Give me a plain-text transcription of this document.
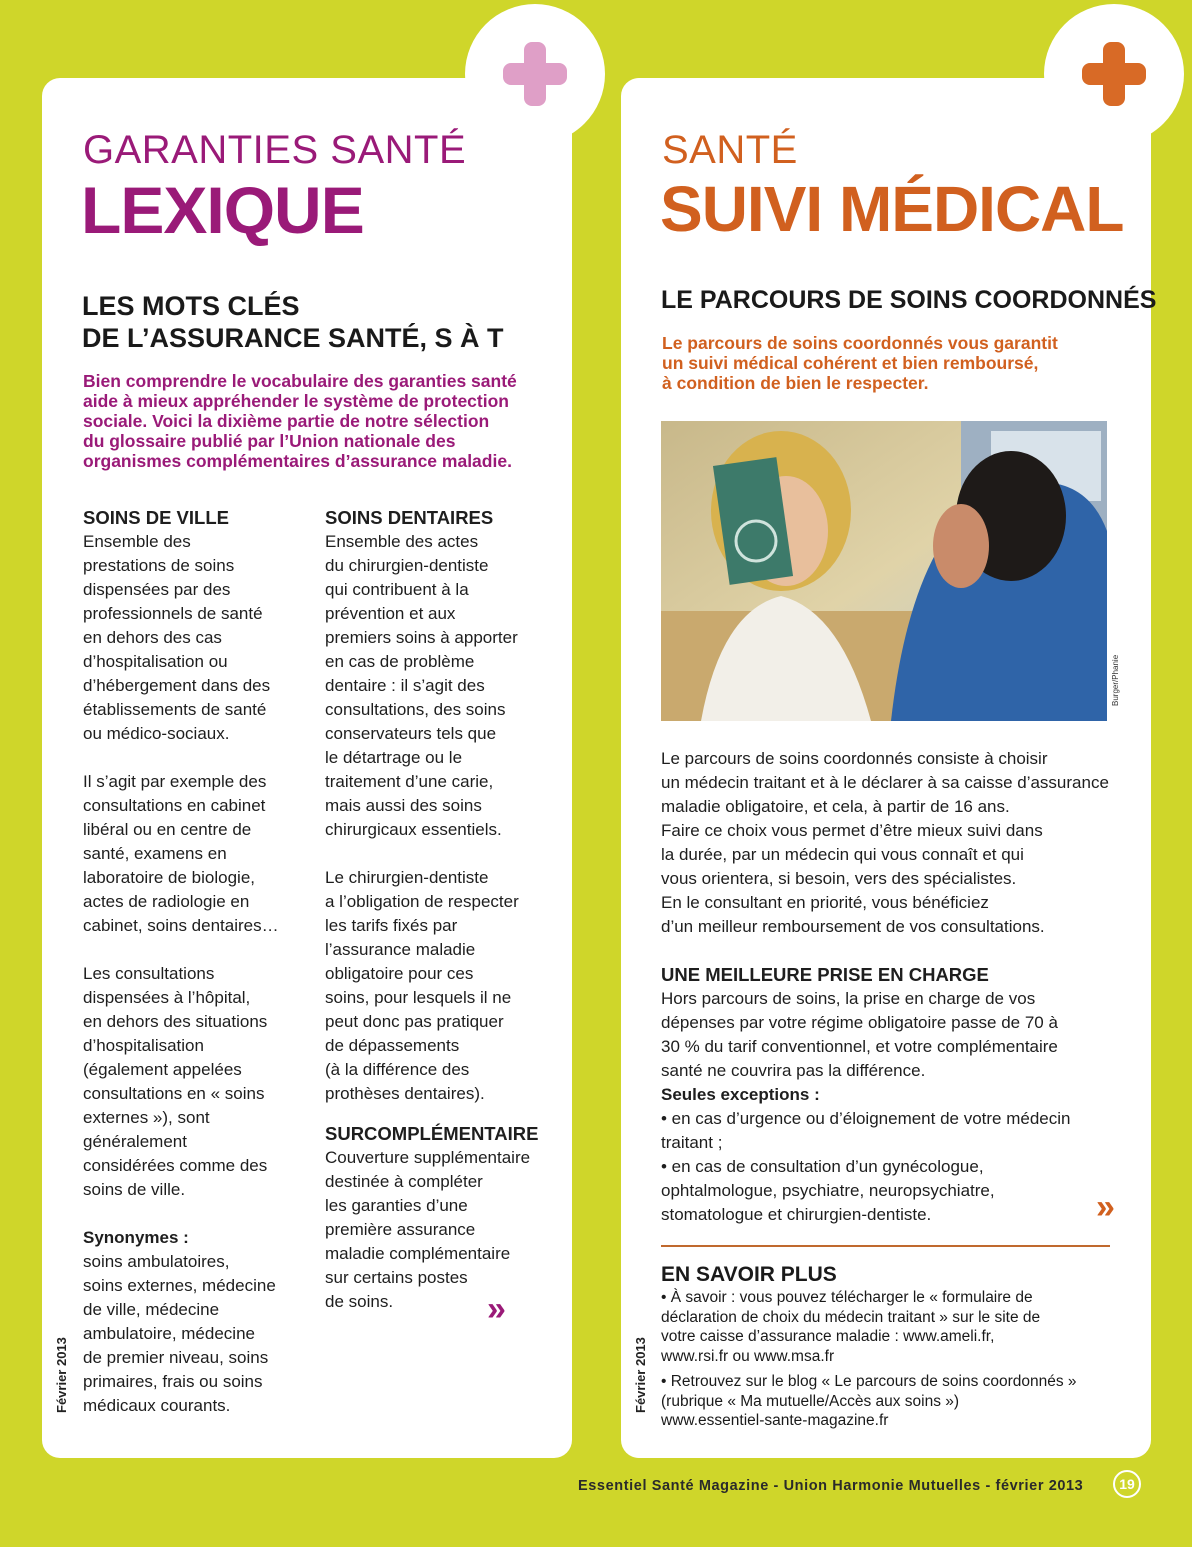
GARANTIES SANTÉ
LEXIQUE
LES MOTS CLÉS
DE L’ASSURANCE SANTÉ, S À T
Bien comprendre le vocabulaire des garanties santé
aide à mieux appréhender le système de protection
sociale. Voici la dixième partie de notre sélection
du glossaire publié par l’Union nationale des
organismes complémentaires d’assurance maladie.
SOINS DE VILLE

Ensemble des

prestations de soins

dispensées par des

professionnels de santé

en dehors des cas

d’hospitalisation ou

d’hébergement dans des

établissements de santé

ou médico-sociaux.

Il s’agit par exemple des

consultations en cabinet

libéral ou en centre de

santé, examens en

laboratoire de biologie,

actes de radiologie en

cabinet, soins dentaires…

Les consultations

dispensées à l’hôpital,

en dehors des situations

d’hospitalisation

(également appelées

consultations en « soins

externes »), sont

généralement

considérées comme des

soins de ville.

Synonymes :

soins ambulatoires,

soins externes, médecine

de ville, médecine

ambulatoire, médecine

de premier niveau, soins

primaires, frais ou soins

médicaux courants.

SOINS DENTAIRES

Ensemble des actes

du chirurgien-dentiste

qui contribuent à la

prévention et aux

premiers soins à apporter

en cas de problème

dentaire : il s’agit des

consultations, des soins

conservateurs tels que

le détartrage ou le

traitement d’une carie,

mais aussi des soins

chirurgicaux essentiels.

Le chirurgien-dentiste

a l’obligation de respecter

les tarifs fixés par

l’assurance maladie

obligatoire pour ces

soins, pour lesquels il ne

peut donc pas pratiquer

de dépassements

(à la différence des

prothèses dentaires).

SURCOMPLÉMENTAIRE

Couverture supplémentaire

destinée à compléter

les garanties d’une

première assurance

maladie complémentaire

sur certains postes

de soins.	»
Février 2013
SANTÉ
SUIVI MÉDICAL
LE PARCOURS DE SOINS COORDONNÉS
Le parcours de soins coordonnés vous garantit
un suivi médical cohérent et bien remboursé,
à condition de bien le respecter.
Burger/Phanie

Le parcours de soins coordonnés consiste à choisir

un médecin traitant et à le déclarer à sa caisse d’assurance

maladie obligatoire, et cela, à partir de 16 ans.

Faire ce choix vous permet d’être mieux suivi dans

la durée, par un médecin qui vous connaît et qui

vous orientera, si besoin, vers des spécialistes.

En le consultant en priorité, vous bénéficiez

d’un meilleur remboursement de vos consultations.

UNE MEILLEURE PRISE EN CHARGE

Hors parcours de soins, la prise en charge de vos

dépenses par votre régime obligatoire passe de 70 à

30 % du tarif conventionnel, et votre complémentaire

santé ne couvrira pas la différence.

Seules exceptions :

• en cas d’urgence ou d’éloignement de votre médecin

traitant ;

• en cas de consultation d’un gynécologue,

ophtalmologue, psychiatre, neuropsychiatre,

stomatologue et chirurgien-dentiste.	»
EN SAVOIR PLUS

• À savoir : vous pouvez télécharger le « formulaire de

déclaration de choix du médecin traitant » sur le site de

votre caisse d’assurance maladie : www.ameli.fr,

www.rsi.fr ou www.msa.fr

• Retrouvez sur le blog « Le parcours de soins coordonnés »

(rubrique « Ma mutuelle/Accès aux soins »)

www.essentiel-sante-magazine.fr

Février 2013
Essentiel Santé Magazine - Union Harmonie Mutuelles - février 2013	19
